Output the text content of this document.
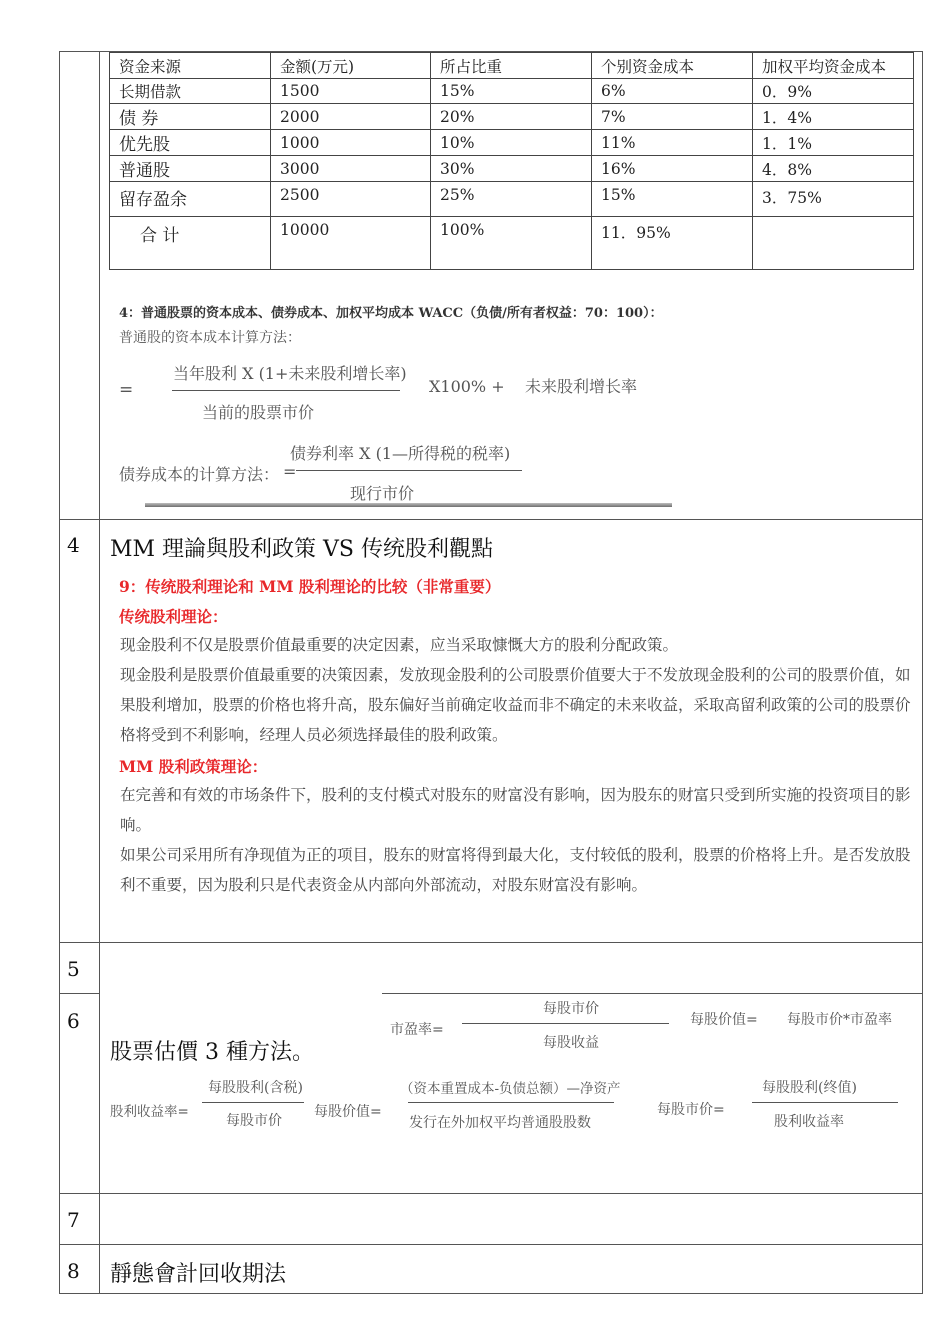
资金来源	金额(万元)	所占比重	个别资金成本	加权平均资金成本
长期借款	1500	15%	6%	0．9%
债 券	2000	20%	7%	1．4%
优先股	1000	10%	11%	1．1%
普通股	3000	30%	16%	4．8%
留存盈余	2500	25%	15%	3．75%
合 计	10000	100%	11．95%	
4：普通股票的资本成本、债券成本、加权平均成本 WACC（负债/所有者权益：70：100）：
普通股的资本成本计算方法：
=
当年股利 X (1+未来股利增长率)
当前的股票市价
X100% +    未来股利增长率
债券成本的计算方法： =
债券利率 X (1—所得税的税率)
现行市价
4 MM 理論與股利政策 VS 传统股利觀點
9：传统股利理论和 MM 股利理论的比较（非常重要）
传统股利理论：

现金股利不仅是股票价值最重要的决定因素，应当采取慷慨大方的股利分配政策。

现金股利是股票价值最重要的决策因素，发放现金股利的公司股票价值要大于不发放现金股利的公司的股票价值，如果股利增加，股票的价格也将升高，股东偏好当前确定收益而非不确定的未来收益，采取高留利政策的公司的股票价格将受到不利影响，经理人员必须选择最佳的股利政策。

MM 股利政策理论：

在完善和有效的市场条件下，股利的支付模式对股东的财富没有影响，因为股东的财富只受到所实施的投资项目的影响。

如果公司采用所有净现值为正的项目，股东的财富将得到最大化，支付较低的股利，股票的价格将上升。是否发放股利不重要，因为股利只是代表资金从内部向外部流动，对股东财富没有影响。

5
6
股票估價 3 種方法。
市盈率=
每股市价
每股收益
每股价值= 每股市价*市盈率
股利收益率=
每股股利(含税)
每股市价
每股价值=
（资本重置成本-负债总额）—净资产
发行在外加权平均普通股股数
每股市价=
每股股利(终值)
股利收益率
7
8 靜態會計回收期法
